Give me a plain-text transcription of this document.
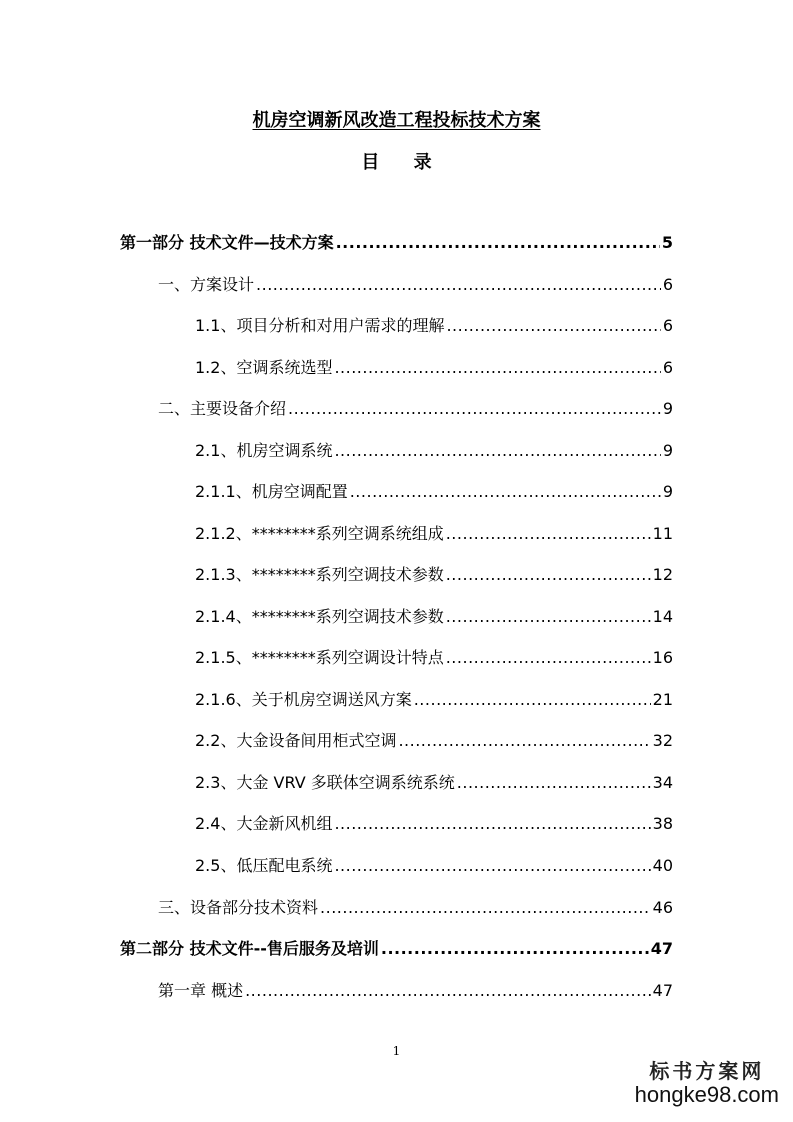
机房空调新风改造工程投标技术方案
目 录
第一部分 技术文件—技术方案 .....	5
一、方案设计 .....	6
1.1、项目分析和对用户需求的理解 .....	6
1.2、空调系统选型 .....	6
二、主要设备介绍 .....	9
2.1、机房空调系统 .....	9
2.1.1、机房空调配置 .....	9
2.1.2、********系列空调系统组成 .....	11
2.1.3、********系列空调技术参数 .....	12
2.1.4、********系列空调技术参数 .....	14
2.1.5、********系列空调设计特点 .....	16
2.1.6、关于机房空调送风方案 .....	21
2.2、大金设备间用柜式空调 .....	32
2.3、大金 VRV 多联体空调系统系统 .....	34
2.4、大金新风机组 .....	38
2.5、低压配电系统 .....	40
三、设备部分技术资料 .....	46
第二部分 技术文件--售后服务及培训 .....	47
第一章 概述 .....	47
1
标书方案网
hongke98.com
